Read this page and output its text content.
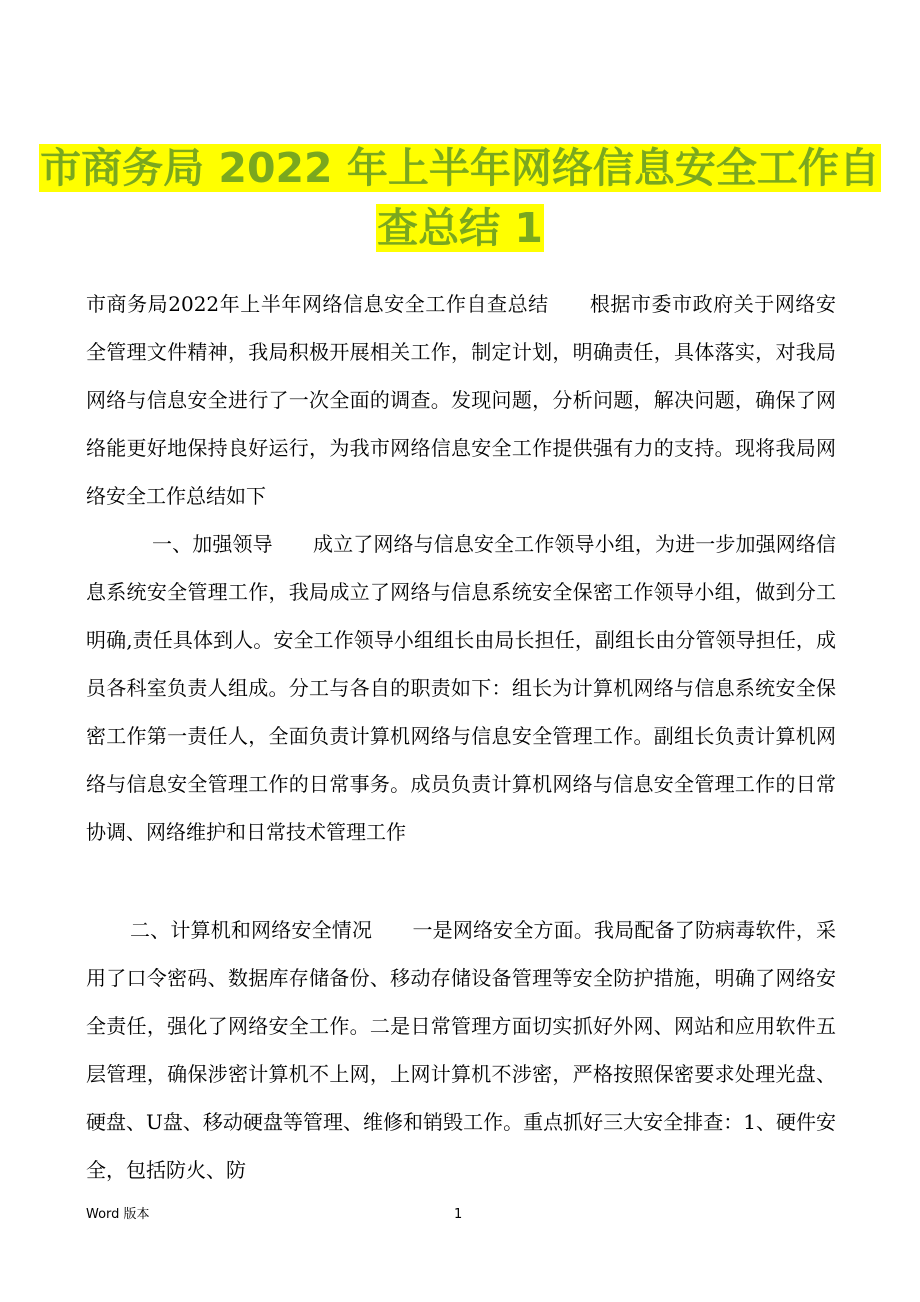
市商务局 2022 年上半年网络信息安全工作自
查总结 1

市商务局2022年上半年网络信息安全工作自查总结　　根据市委市政府关于网络安全管理文件精神，我局积极开展相关工作，制定计划，明确责任，具体落实，对我局网络与信息安全进行了一次全面的调查。发现问题，分析问题，解决问题，确保了网络能更好地保持良好运行，为我市网络信息安全工作提供强有力的支持。现将我局网络安全工作总结如下

一、加强领导　　成立了网络与信息安全工作领导小组，为进一步加强网络信息系统安全管理工作，我局成立了网络与信息系统安全保密工作领导小组，做到分工明确,责任具体到人。安全工作领导小组组长由局长担任，副组长由分管领导担任，成员各科室负责人组成。分工与各自的职责如下：组长为计算机网络与信息系统安全保密工作第一责任人，全面负责计算机网络与信息安全管理工作。副组长负责计算机网络与信息安全管理工作的日常事务。成员负责计算机网络与信息安全管理工作的日常协调、网络维护和日常技术管理工作

二、计算机和网络安全情况　　一是网络安全方面。我局配备了防病毒软件，采用了口令密码、数据库存储备份、移动存储设备管理等安全防护措施，明确了网络安全责任，强化了网络安全工作。二是日常管理方面切实抓好外网、网站和应用软件五层管理，确保涉密计算机不上网，上网计算机不涉密，严格按照保密要求处理光盘、硬盘、U盘、移动硬盘等管理、维修和销毁工作。重点抓好三大安全排查：1、硬件安全，包括防火、防

Word 版本	1
